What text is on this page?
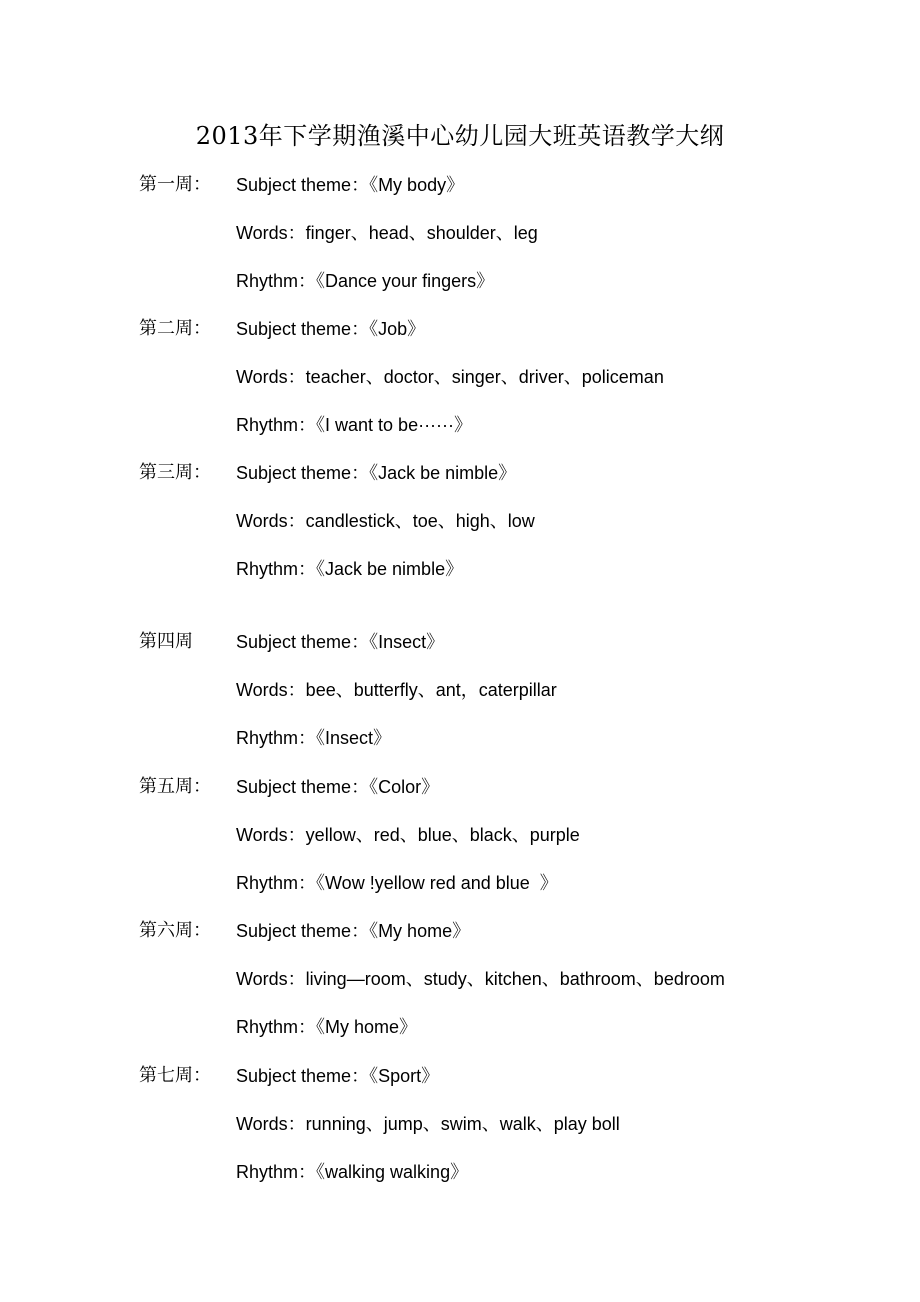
2013年下学期渔溪中心幼儿园大班英语教学大纲
第一周： Subject theme：《My body》
Words：finger、head、shoulder、leg
Rhythm：《Dance your fingers》
第二周： Subject theme：《Job》
Words：teacher、doctor、singer、driver、policeman
Rhythm：《I want to be······》
第三周： Subject theme：《Jack be nimble》
Words：candlestick、toe、high、low
Rhythm：《Jack be nimble》
第四周 Subject theme：《Insect》
Words：bee、butterfly、ant，caterpillar
Rhythm：《Insect》
第五周： Subject theme：《Color》
Words：yellow、red、blue、black、purple
Rhythm：《Wow !yellow red and blue  》
第六周： Subject theme：《My home》
Words：living—room、study、kitchen、bathroom、bedroom
Rhythm：《My home》
第七周： Subject theme：《Sport》
Words：running、jump、swim、walk、play boll
Rhythm：《walking walking》
